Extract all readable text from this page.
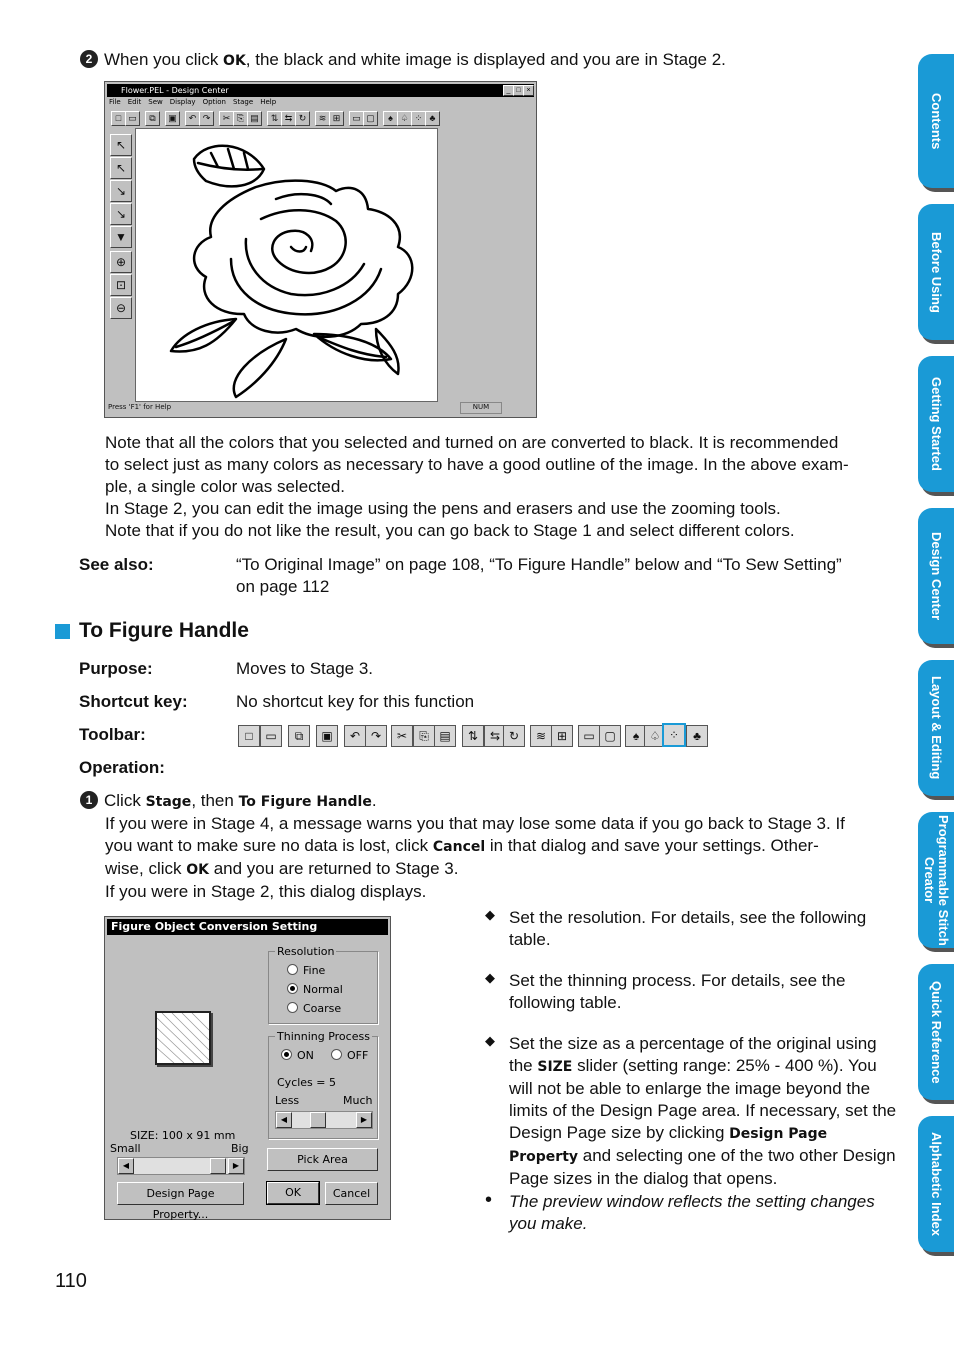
2 When you click OK, the black and white image is displayed and you are in Stage 2.
Flower.PEL - Design Center	_ □ ×
File Edit Sew Display Option Stage Help
□ ▭	⧉	▣	↶ ↷	✂ ⎘ ▤	⇅ ⇆ ↻	≋ ⊞	▭ ▢	♠ ♤ ⁘ ♣
↖
↖
↘
↘
▼
⊕
⊡
⊖
Press 'F1' for Help	NUM

Note that all the colors that you selected and turned on are converted to black. It is recommended

to select just as many colors as necessary to have a good outline of the image. In the above exam-

ple, a single color was selected.

In Stage 2, you can edit the image using the pens and erasers and use the zooming tools.

Note that if you do not like the result, you can go back to Stage 1 and select different colors.

See also:	“To Original Image” on page 108, “To Figure Handle” below and “To Sew Setting”

on page 112

To Figure Handle
Purpose:	Moves to Stage 3.
Shortcut key:	No shortcut key for this function
Toolbar:	□	▭	⧉	▣	↶ ↷	✂	⎘ ▤	⇅ ⇆ ↻	≋ ⊞	▭ ▢	♠ ♤ ⁘	♣
Operation:

1 Click Stage, then To Figure Handle.

If you were in Stage 4, a message warns you that may lose some data if you go back to Stage 3. If

you want to make sure no data is lost, click Cancel in that dialog and save your settings. Other-

wise, click OK and you are returned to Stage 3.

If you were in Stage 2, this dialog displays.

Figure Object Conversion Setting
Resolution
Fine
Normal
Coarse
Thinning Process
ON	OFF
Cycles = 5
Less	Much
◀	▶
SIZE: 100 x 91 mm
Small	Big
◀	▶	Pick Area
Design Page Property...
OK	Cancel
◆ Set the resolution. For details, see the following table.
◆ Set the thinning process. For details, see the following table.
◆ Set the size as a percentage of the original using the SIZE slider (setting range: 25% - 400 %). You will not be able to enlarge the image beyond the limits of the Design Page area. If necessary, set the Design Page size by clicking Design Page Property and selecting one of the two other Design Page sizes in the dialog that opens.
• The preview window reflects the setting changes you make.
110
Contents
Before Using
Getting Started
Design Center
Layout & Editing
Programmable Stitch Creator
Quick Reference
Alphabetic Index
